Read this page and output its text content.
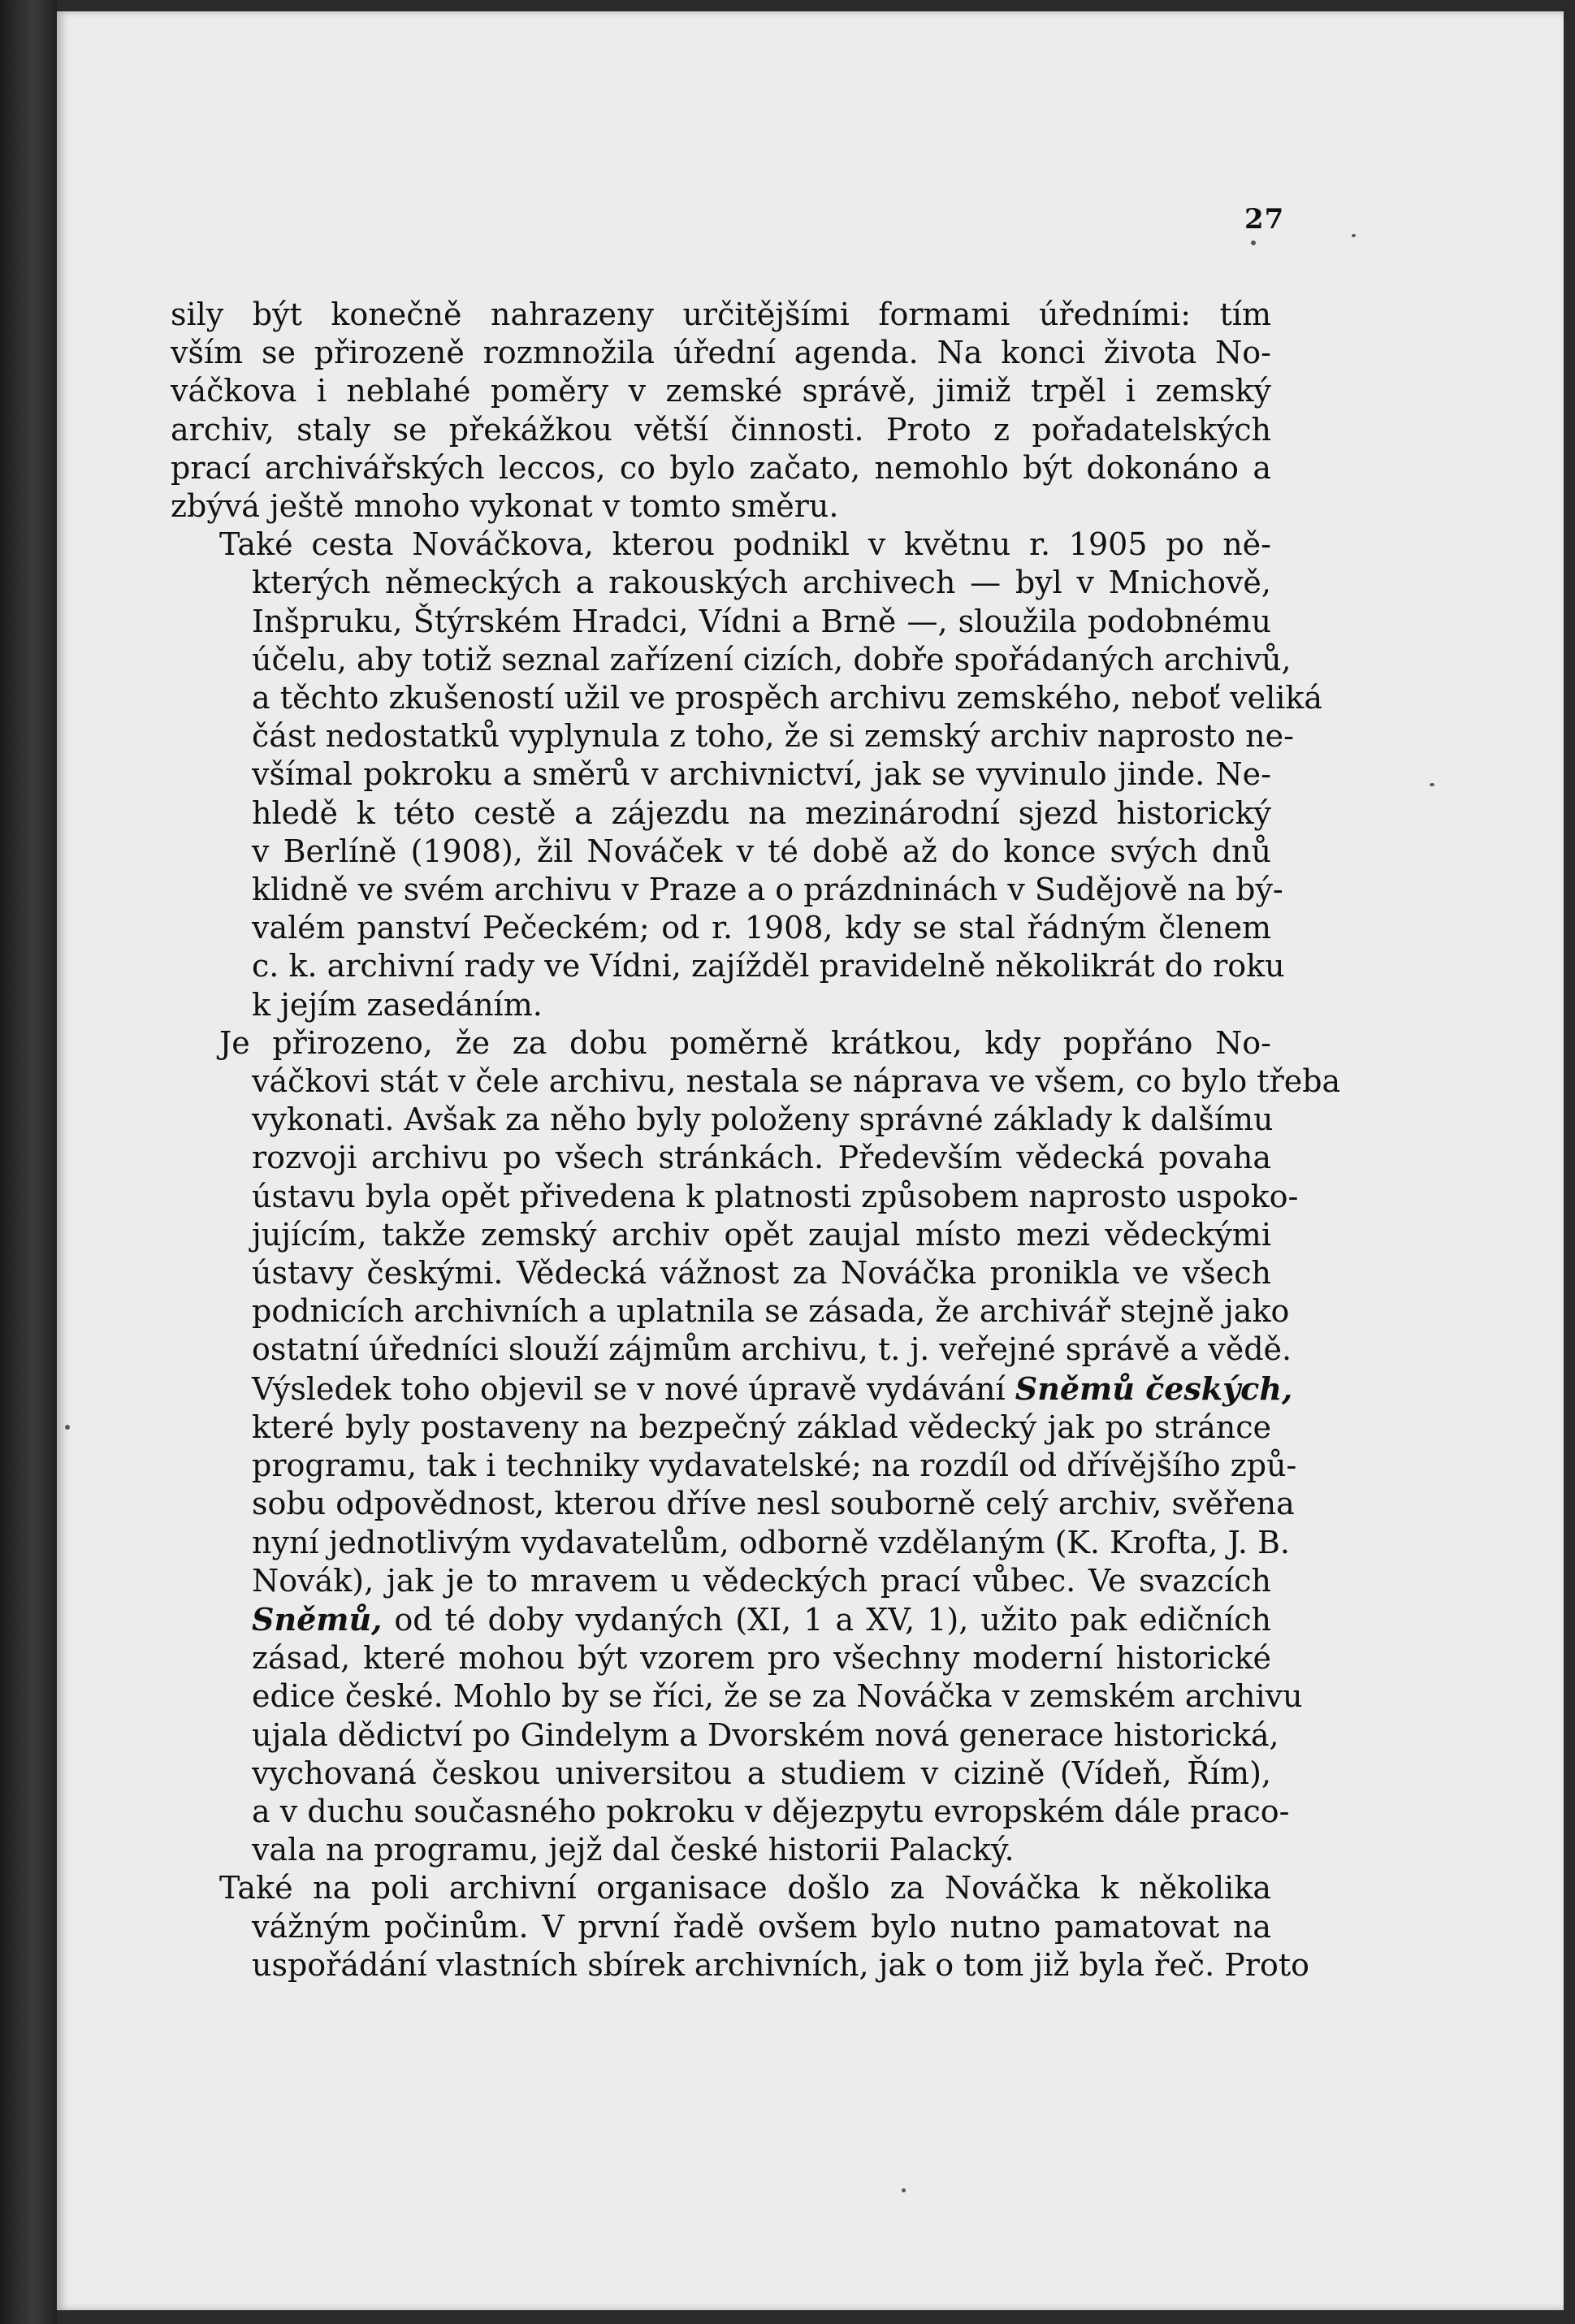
27

sily být konečně nahrazeny určitějšími formami úředními: tím
vším se přirozeně rozmnožila úřední agenda. Na konci života No-
váčkova i neblahé poměry v zemské správě, jimiž trpěl i zemský
archiv, staly se překážkou větší činnosti. Proto z pořadatelských
prací archivářských leccos, co bylo začato, nemohlo být dokonáno a
zbývá ještě mnoho vykonat v tomto směru.

Také cesta Nováčkova, kterou podnikl v květnu r. 1905 po ně-
kterých německých a rakouských archivech — byl v Mnichově,
Inšpruku, Štýrském Hradci, Vídni a Brně —, sloužila podobnému
účelu, aby totiž seznal zařízení cizích, dobře spořádaných archivů,
a těchto zkušeností užil ve prospěch archivu zemského, neboť veliká
část nedostatků vyplynula z toho, že si zemský archiv naprosto ne-
všímal pokroku a směrů v archivnictví, jak se vyvinulo jinde. Ne-
hledě k této cestě a zájezdu na mezinárodní sjezd historický
v Berlíně (1908), žil Nováček v té době až do konce svých dnů
klidně ve svém archivu v Praze a o prázdninách v Sudějově na bý-
valém panství Pečeckém; od r. 1908, kdy se stal řádným členem
c. k. archivní rady ve Vídni, zajížděl pravidelně několikrát do roku
k jejím zasedáním.

Je přirozeno, že za dobu poměrně krátkou, kdy popřáno No-
váčkovi stát v čele archivu, nestala se náprava ve všem, co bylo třeba
vykonati. Avšak za něho byly položeny správné základy k dalšímu
rozvoji archivu po všech stránkách. Především vědecká povaha
ústavu byla opět přivedena k platnosti způsobem naprosto uspoko-
jujícím, takže zemský archiv opět zaujal místo mezi vědeckými
ústavy českými. Vědecká vážnost za Nováčka pronikla ve všech
podnicích archivních a uplatnila se zásada, že archivář stejně jako
ostatní úředníci slouží zájmům archivu, t. j. veřejné správě a vědě.
Výsledek toho objevil se v nové úpravě vydávání Sněmů českých,
které byly postaveny na bezpečný základ vědecký jak po stránce
programu, tak i techniky vydavatelské; na rozdíl od dřívějšího způ-
sobu odpovědnost, kterou dříve nesl souborně celý archiv, svěřena
nyní jednotlivým vydavatelům, odborně vzdělaným (K. Krofta, J. B.
Novák), jak je to mravem u vědeckých prací vůbec. Ve svazcích
Sněmů, od té doby vydaných (XI, 1 a XV, 1), užito pak edičních
zásad, které mohou být vzorem pro všechny moderní historické
edice české. Mohlo by se říci, že se za Nováčka v zemském archivu
ujala dědictví po Gindelym a Dvorském nová generace historická,
vychovaná českou universitou a studiem v cizině (Vídeň, Řím),
a v duchu současného pokroku v dějezpytu evropském dále praco-
vala na programu, jejž dal české historii Palacký.

Také na poli archivní organisace došlo za Nováčka k několika
vážným počinům. V první řadě ovšem bylo nutno pamatovat na
uspořádání vlastních sbírek archivních, jak o tom již byla řeč. Proto
